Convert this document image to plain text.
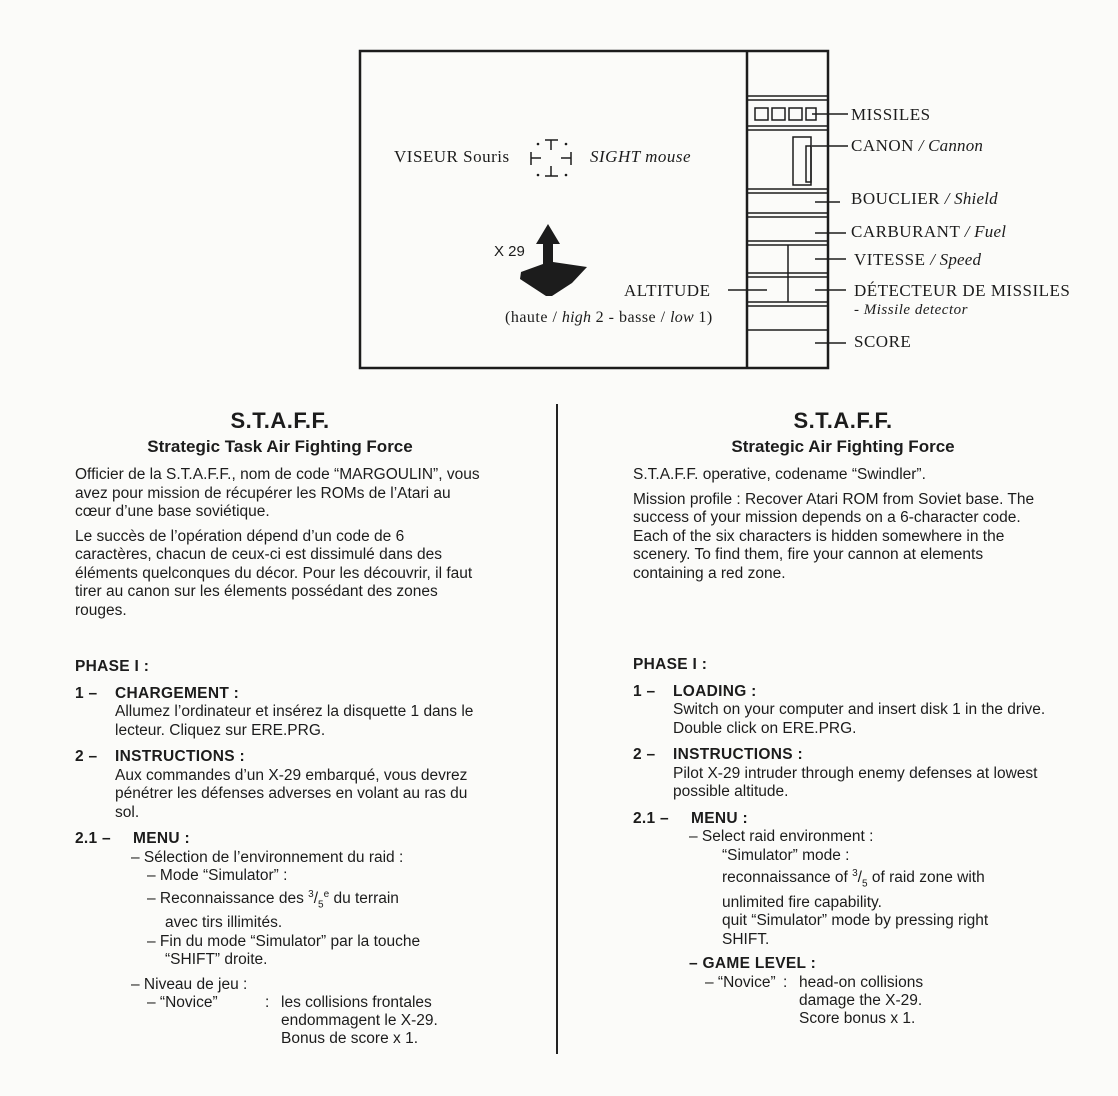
VISEUR Souris	SIGHT mouse
X 29
ALTITUDE
(haute / high 2 - basse / low 1)
MISSILES
CANON / Cannon
BOUCLIER / Shield
CARBURANT / Fuel
VITESSE / Speed
DÉTECTEUR DE MISSILES
- Missile detector
SCORE
S.T.A.F.F.
Strategic Task Air Fighting Force

Officier de la S.T.A.F.F., nom de code “MARGOULIN”, vous avez pour mission de récupérer les ROMs de l’Atari au cœur d’une base soviétique.

Le succès de l’opération dépend d’un code de 6 caractères, chacun de ceux-ci est dissimulé dans des éléments quelconques du décor. Pour les découvrir, il faut tirer au canon sur les élements possédant des zones rouges.

PHASE I :
1 – CHARGEMENT :
Allumez l’ordinateur et insérez la disquette 1 dans le lecteur. Cliquez sur ERE.PRG.
2 – INSTRUCTIONS :
Aux commandes d’un X-29 embarqué, vous devrez pénétrer les défenses adverses en volant au ras du sol.
2.1 – MENU :
– Sélection de l’environnement du raid :
– Mode “Simulator” :
– Reconnaissance des $^3/_5^e$ du terrain
avec tirs illimités.
– Fin du mode “Simulator” par la touche
“SHIFT” droite.
– Niveau de jeu :
– “Novice”	: les collisions frontales
endommagent le X-29.
Bonus de score x 1.
S.T.A.F.F.
Strategic Air Fighting Force

S.T.A.F.F. operative, codename “Swindler”.

Mission profile : Recover Atari ROM from Soviet base. The success of your mission depends on a 6-character code. Each of the six characters is hidden somewhere in the scenery. To find them, fire your cannon at elements containing a red zone.

PHASE I :
1 – LOADING :
Switch on your computer and insert disk 1 in the drive. Double click on ERE.PRG.
2 – INSTRUCTIONS :
Pilot X-29 intruder through enemy defenses at lowest possible altitude.
2.1 – MENU :
– Select raid environment :
“Simulator” mode :
reconnaissance of $^3/_5$ of raid zone with
unlimited fire capability.
quit “Simulator” mode by pressing right
SHIFT.
– GAME LEVEL :
– “Novice” : head-on collisions
damage the X-29.
Score bonus x 1.
